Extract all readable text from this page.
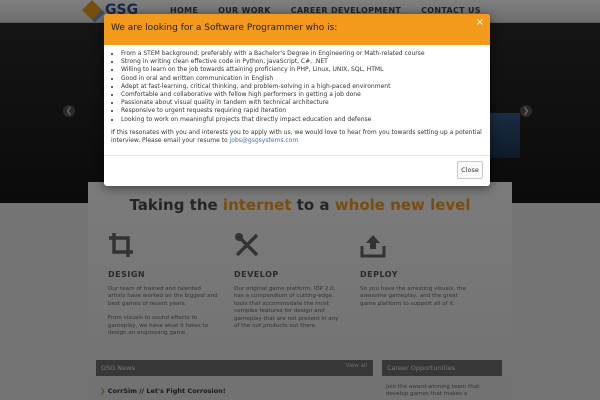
We are looking for a Software Programmer who is:	×
• From a STEM background; preferably with a Bachelor's Degree in Engineering or Math-related course
• Strong in writing clean effective code in Python, JavaScript, C#, .NET
• Willing to learn on the job towards attaining proficiency in PHP, Linux, UNIX, SQL, HTML
• Good in oral and written communication in English
• Adept at fast-learning, critical thinking, and problem-solving in a high-paced environment
• Comfortable and collaborative with fellow high performers in getting a job done
• Passionate about visual quality in tandem with technical architecture
• Responsive to urgent requests requiring rapid iteration
• Looking to work on meaningful projects that directly impact education and defense
If this resonates with you and interests you to apply with us, we would love to hear from you towards setting up a potential interview. Please email your resume to jobs@gsgsystems.com
Close
